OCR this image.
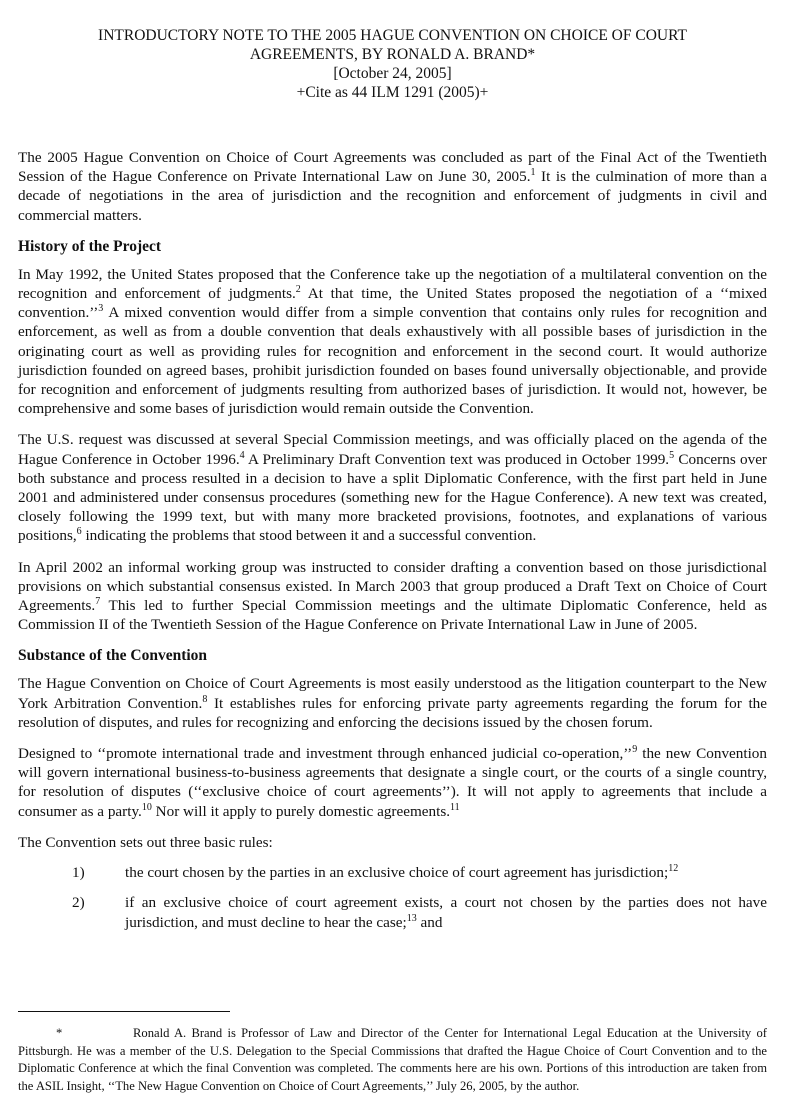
INTRODUCTORY NOTE TO THE 2005 HAGUE CONVENTION ON CHOICE OF COURT
AGREEMENTS, BY RONALD A. BRAND*
[October 24, 2005]
+Cite as 44 ILM 1291 (2005)+

The 2005 Hague Convention on Choice of Court Agreements was concluded as part of the Final Act of the Twentieth Session of the Hague Conference on Private International Law on June 30, 2005.$^1$ It is the culmination of more than a decade of negotiations in the area of jurisdiction and the recognition and enforcement of judgments in civil and commercial matters.

History of the Project

In May 1992, the United States proposed that the Conference take up the negotiation of a multilateral convention on the recognition and enforcement of judgments.$^2$ At that time, the United States proposed the negotiation of a ‘‘mixed convention.’’$^3$ A mixed convention would differ from a simple convention that contains only rules for recognition and enforcement, as well as from a double convention that deals exhaustively with all possible bases of jurisdiction in the originating court as well as providing rules for recognition and enforcement in the second court. It would authorize jurisdiction founded on agreed bases, prohibit jurisdiction founded on bases found universally objectionable, and provide for recognition and enforcement of judgments resulting from authorized bases of jurisdiction. It would not, however, be comprehensive and some bases of jurisdiction would remain outside the Convention.

The U.S. request was discussed at several Special Commission meetings, and was officially placed on the agenda of the Hague Conference in October 1996.$^4$ A Preliminary Draft Convention text was produced in October 1999.$^5$ Concerns over both substance and process resulted in a decision to have a split Diplomatic Conference, with the first part held in June 2001 and administered under consensus procedures (something new for the Hague Conference). A new text was created, closely following the 1999 text, but with many more bracketed provisions, footnotes, and explanations of various positions,$^6$ indicating the problems that stood between it and a successful convention.

In April 2002 an informal working group was instructed to consider drafting a convention based on those jurisdictional provisions on which substantial consensus existed. In March 2003 that group produced a Draft Text on Choice of Court Agreements.$^7$ This led to further Special Commission meetings and the ultimate Diplomatic Conference, held as Commission II of the Twentieth Session of the Hague Conference on Private International Law in June of 2005.

Substance of the Convention

The Hague Convention on Choice of Court Agreements is most easily understood as the litigation counterpart to the New York Arbitration Convention.$^8$ It establishes rules for enforcing private party agreements regarding the forum for the resolution of disputes, and rules for recognizing and enforcing the decisions issued by the chosen forum.

Designed to ‘‘promote international trade and investment through enhanced judicial co-operation,’’$^9$ the new Convention will govern international business-to-business agreements that designate a single court, or the courts of a single country, for resolution of disputes (‘‘exclusive choice of court agreements’’). It will not apply to agreements that include a consumer as a party.$^{10}$ Nor will it apply to purely domestic agreements.$^{11}$

The Convention sets out three basic rules:

1)	the court chosen by the parties in an exclusive choice of court agreement has jurisdiction;$^{12}$
2)	if an exclusive choice of court agreement exists, a court not chosen by the parties does not have jurisdiction, and must decline to hear the case;$^{13}$ and
*	Ronald A. Brand is Professor of Law and Director of the Center for International Legal Education at the University of Pittsburgh. He was a member of the U.S. Delegation to the Special Commissions that drafted the Hague Choice of Court Convention and to the Diplomatic Conference at which the final Convention was completed. The comments here are his own. Portions of this introduction are taken from the ASIL Insight, ‘‘The New Hague Convention on Choice of Court Agreements,’’ July 26, 2005, by the author.
